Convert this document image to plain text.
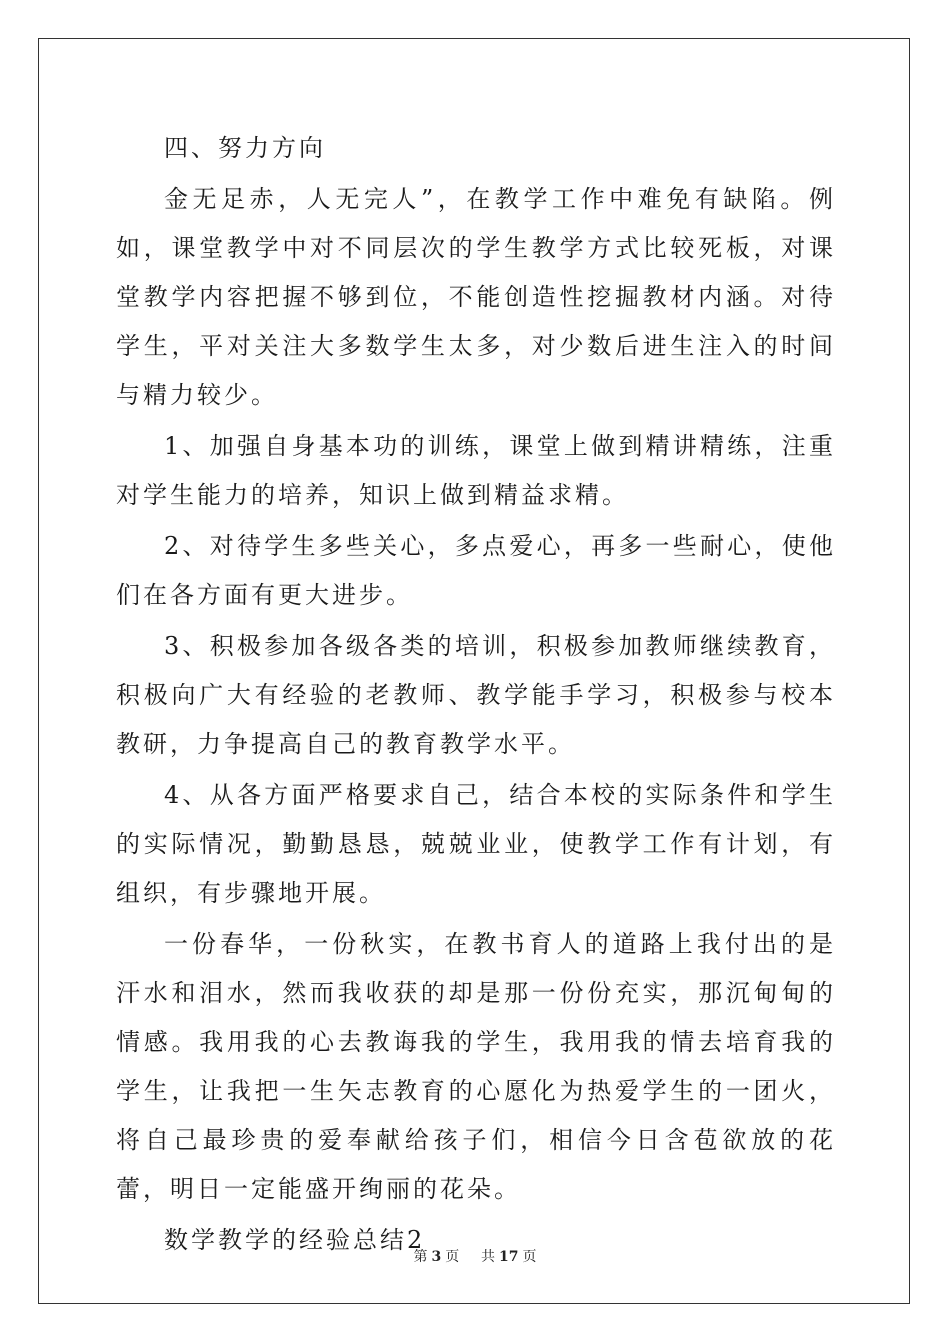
四、努力方向

金无足赤，人无完人”，在教学工作中难免有缺陷。例如，课堂教学中对不同层次的学生教学方式比较死板，对课堂教学内容把握不够到位，不能创造性挖掘教材内涵。对待学生，平对关注大多数学生太多，对少数后进生注入的时间与精力较少。

1、加强自身基本功的训练，课堂上做到精讲精练，注重对学生能力的培养，知识上做到精益求精。

2、对待学生多些关心，多点爱心，再多一些耐心，使他们在各方面有更大进步。

3、积极参加各级各类的培训，积极参加教师继续教育，积极向广大有经验的老教师、教学能手学习，积极参与校本教研，力争提高自己的教育教学水平。

4、从各方面严格要求自己，结合本校的实际条件和学生的实际情况，勤勤恳恳，兢兢业业，使教学工作有计划，有组织，有步骤地开展。

一份春华，一份秋实，在教书育人的道路上我付出的是汗水和泪水，然而我收获的却是那一份份充实，那沉甸甸的情感。我用我的心去教诲我的学生，我用我的情去培育我的学生，让我把一生矢志教育的心愿化为热爱学生的一团火，将自己最珍贵的爱奉献给孩子们，相信今日含苞欲放的花蕾，明日一定能盛开绚丽的花朵。

数学教学的经验总结2

第 3 页 共 17 页
